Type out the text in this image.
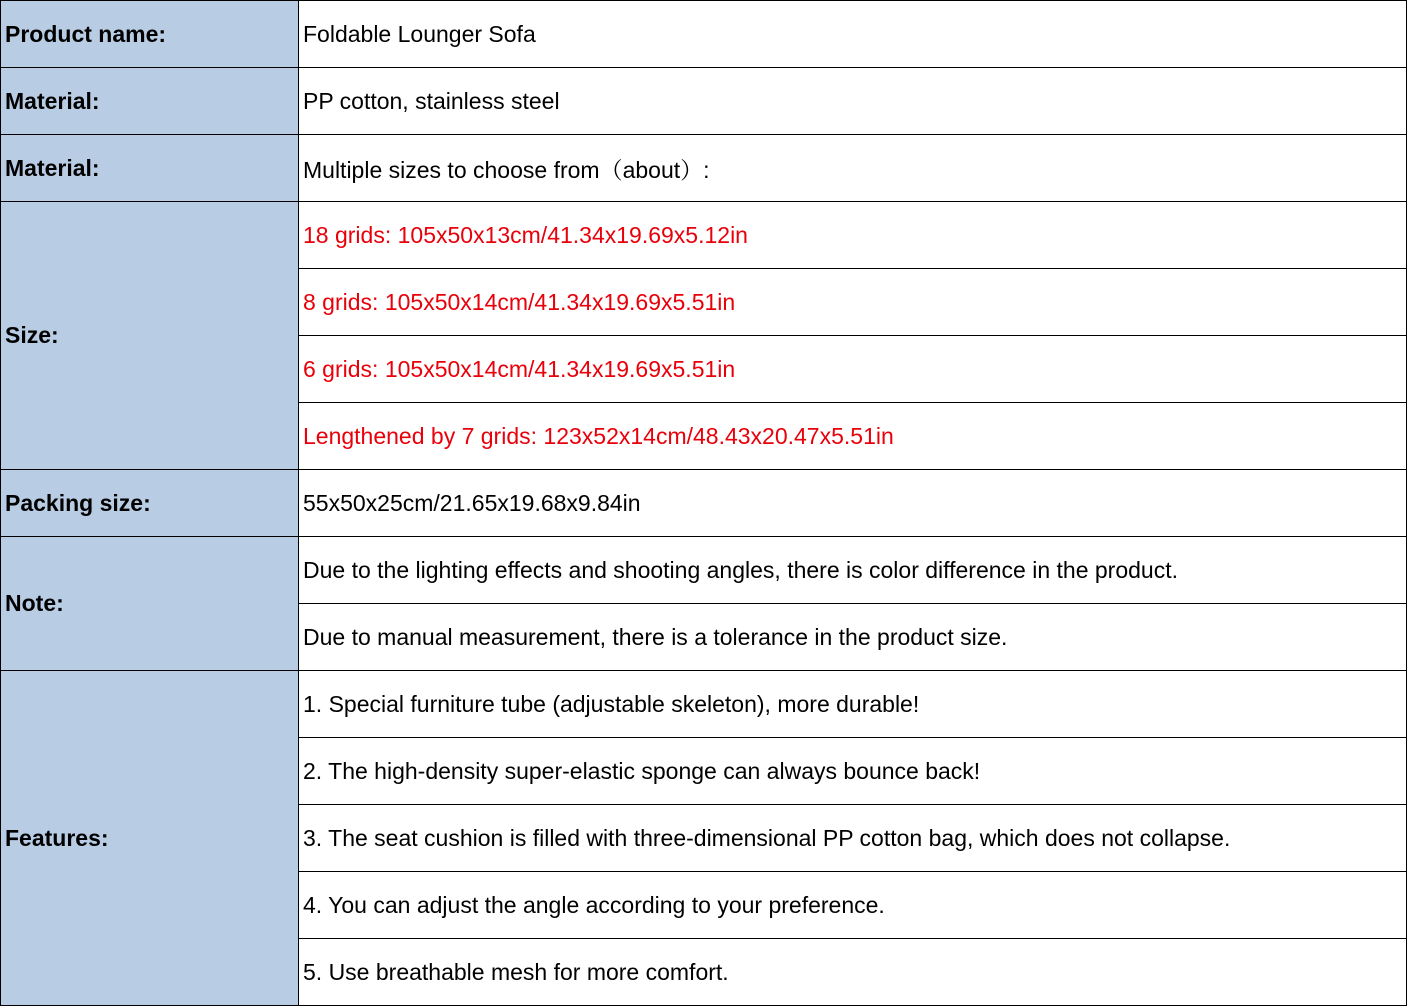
Product name:	Foldable Lounger Sofa
Material:	PP cotton, stainless steel
Material:	Multiple sizes to choose from（about）:
Size:	18 grids: 105x50x13cm/41.34x19.69x5.12in
	8 grids: 105x50x14cm/41.34x19.69x5.51in
	6 grids: 105x50x14cm/41.34x19.69x5.51in
	Lengthened by 7 grids: 123x52x14cm/48.43x20.47x5.51in
Packing size:	55x50x25cm/21.65x19.68x9.84in
Note:	Due to the lighting effects and shooting angles, there is color difference in the product.
	Due to manual measurement, there is a tolerance in the product size.
Features:	1. Special furniture tube (adjustable skeleton), more durable!
	2. The high-density super-elastic sponge can always bounce back!
	3. The seat cushion is filled with three-dimensional PP cotton bag, which does not collapse.
	4. You can adjust the angle according to your preference.
	5. Use breathable mesh for more comfort.
